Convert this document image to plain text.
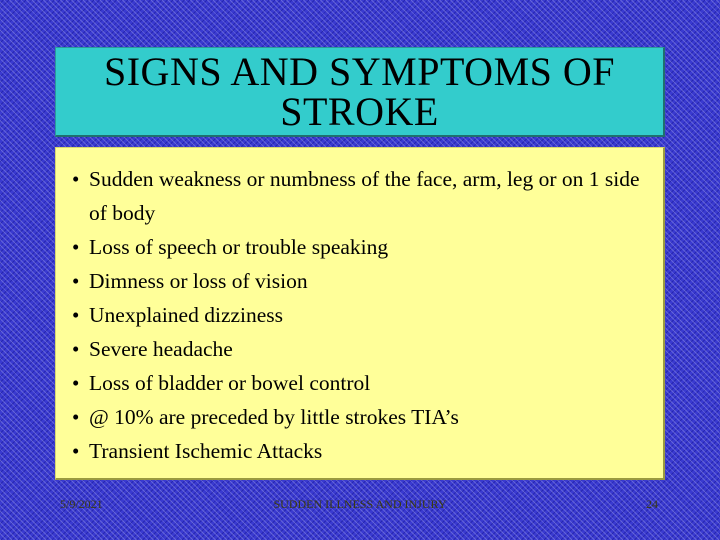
SIGNS AND SYMPTOMS OF
STROKE
• Sudden weakness or numbness of the face, arm, leg or on 1 side of body
• Loss of speech or trouble speaking
• Dimness or loss of vision
• Unexplained dizziness
• Severe headache
• Loss of bladder or bowel control
• @ 10% are preceded by little strokes TIA’s
• Transient Ischemic Attacks
5/9/2021	SUDDEN ILLNESS AND INJURY	24
